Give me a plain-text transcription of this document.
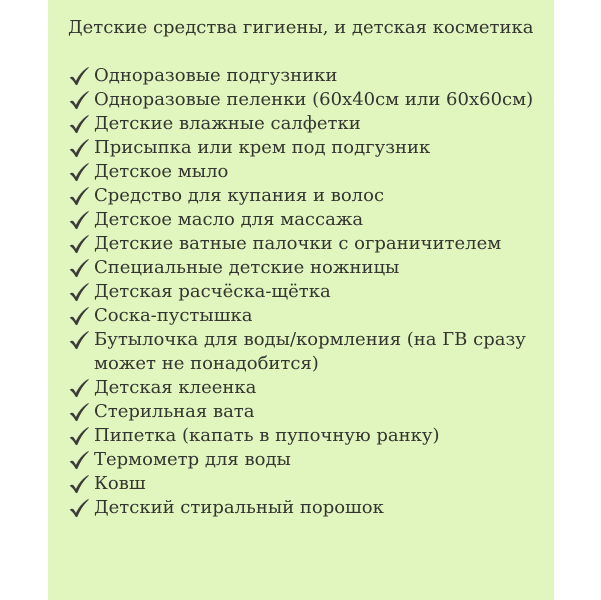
Детские средства гигиены, и детская косметика
Одноразовые подгузники
Одноразовые пеленки (60х40см или 60х60см)
Детские влажные салфетки
Присыпка или крем под подгузник
Детское мыло
Средство для купания и волос
Детское масло для массажа
Детские ватные палочки с ограничителем
Специальные детские ножницы
Детская расчёска-щётка
Соска-пустышка
Бутылочка для воды/кормления (на ГВ сразу может не понадобится)
Детская клеенка
Стерильная вата
Пипетка (капать в пупочную ранку)
Термометр для воды
Ковш
Детский стиральный порошок
